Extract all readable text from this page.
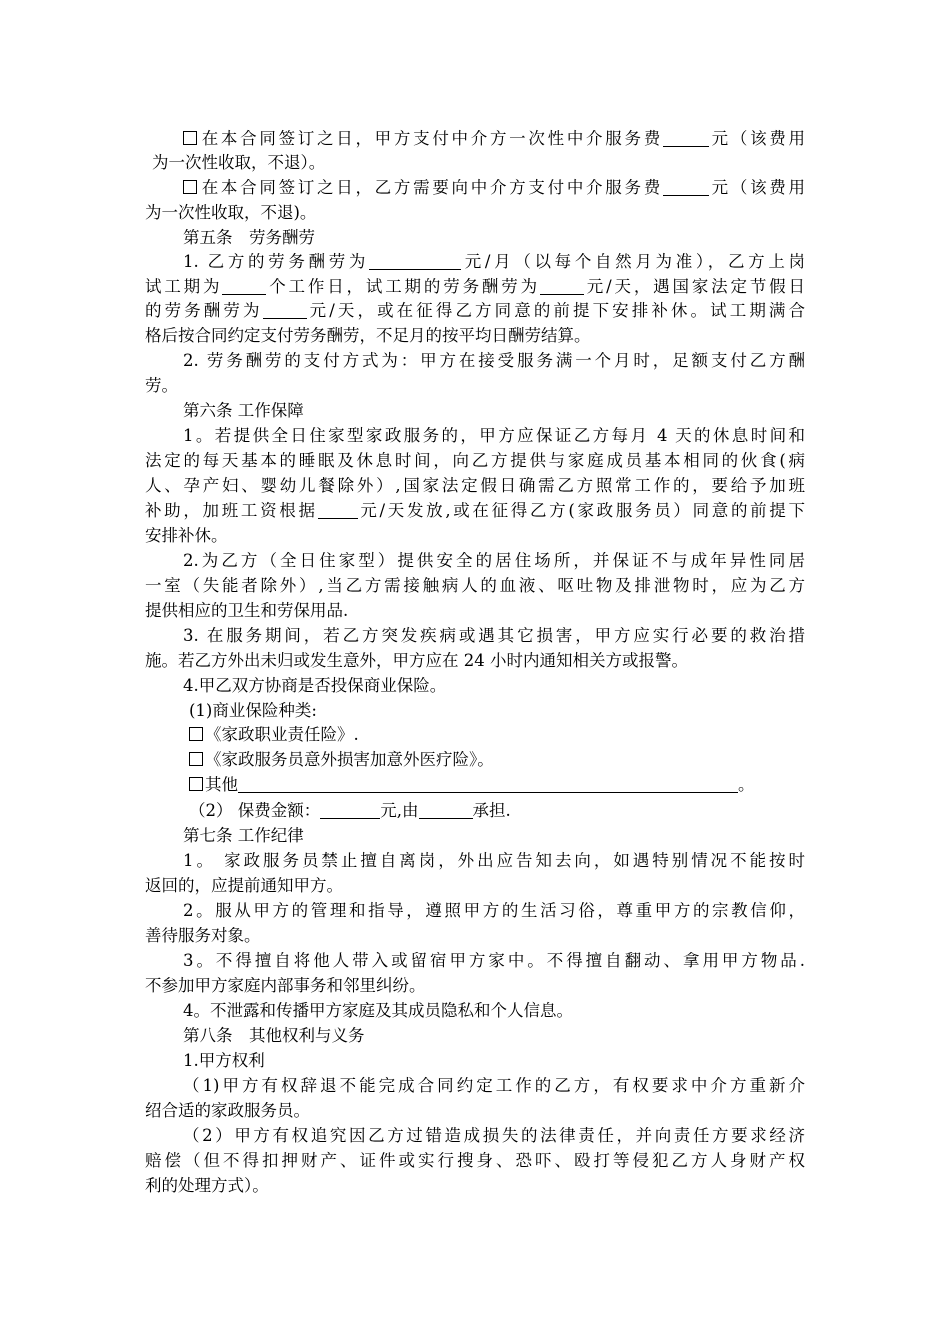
在本合同签订之日，甲方支付中介方一次性中介服务费	元（该费用
为一次性收取，不退）。
在本合同签订之日，乙方需要向中介方支付中介服务费	元（该费用
为一次性收取，不退)。
第五条　劳务酬劳
1. 乙方的劳务酬劳为	元/月（以每个自然月为准），乙方上岗
试工期为	个工作日，试工期的劳务酬劳为	元/天，遇国家法定节假日
的劳务酬劳为	元/天，或在征得乙方同意的前提下安排补休。试工期满合
格后按合同约定支付劳务酬劳，不足月的按平均日酬劳结算。
2. 劳务酬劳的支付方式为：甲方在接受服务满一个月时，足额支付乙方酬
劳。
第六条 工作保障
1。若提供全日住家型家政服务的，甲方应保证乙方每月 4 天的休息时间和
法定的每天基本的睡眠及休息时间，向乙方提供与家庭成员基本相同的伙食(病
人、孕产妇、婴幼儿餐除外）,国家法定假日确需乙方照常工作的，要给予加班
补助，加班工资根据 元/天发放,或在征得乙方(家政服务员）同意的前提下
安排补休。
2.为乙方（全日住家型）提供安全的居住场所，并保证不与成年异性同居
一室（失能者除外）,当乙方需接触病人的血液、呕吐物及排泄物时，应为乙方
提供相应的卫生和劳保用品.
3. 在服务期间，若乙方突发疾病或遇其它损害，甲方应实行必要的救治措
施。若乙方外出未归或发生意外，甲方应在 24 小时内通知相关方或报警。
4.甲乙双方协商是否投保商业保险。
(1)商业保险种类:
《家政职业责任险》.
《家政服务员意外损害加意外医疗险》。
其他	。
（2） 保费金额：	元,由	承担.
第七条 工作纪律
1。 家政服务员禁止擅自离岗，外出应告知去向，如遇特别情况不能按时
返回的，应提前通知甲方。
2。服从甲方的管理和指导，遵照甲方的生活习俗，尊重甲方的宗教信仰，
善待服务对象。
3。不得擅自将他人带入或留宿甲方家中。不得擅自翻动、拿用甲方物品.
不参加甲方家庭内部事务和邻里纠纷。
4。不泄露和传播甲方家庭及其成员隐私和个人信息。
第八条　其他权利与义务
1.甲方权利
（1)甲方有权辞退不能完成合同约定工作的乙方，有权要求中介方重新介
绍合适的家政服务员。
（2）甲方有权追究因乙方过错造成损失的法律责任，并向责任方要求经济
赔偿（但不得扣押财产、证件或实行搜身、恐吓、殴打等侵犯乙方人身财产权
利的处理方式）。
